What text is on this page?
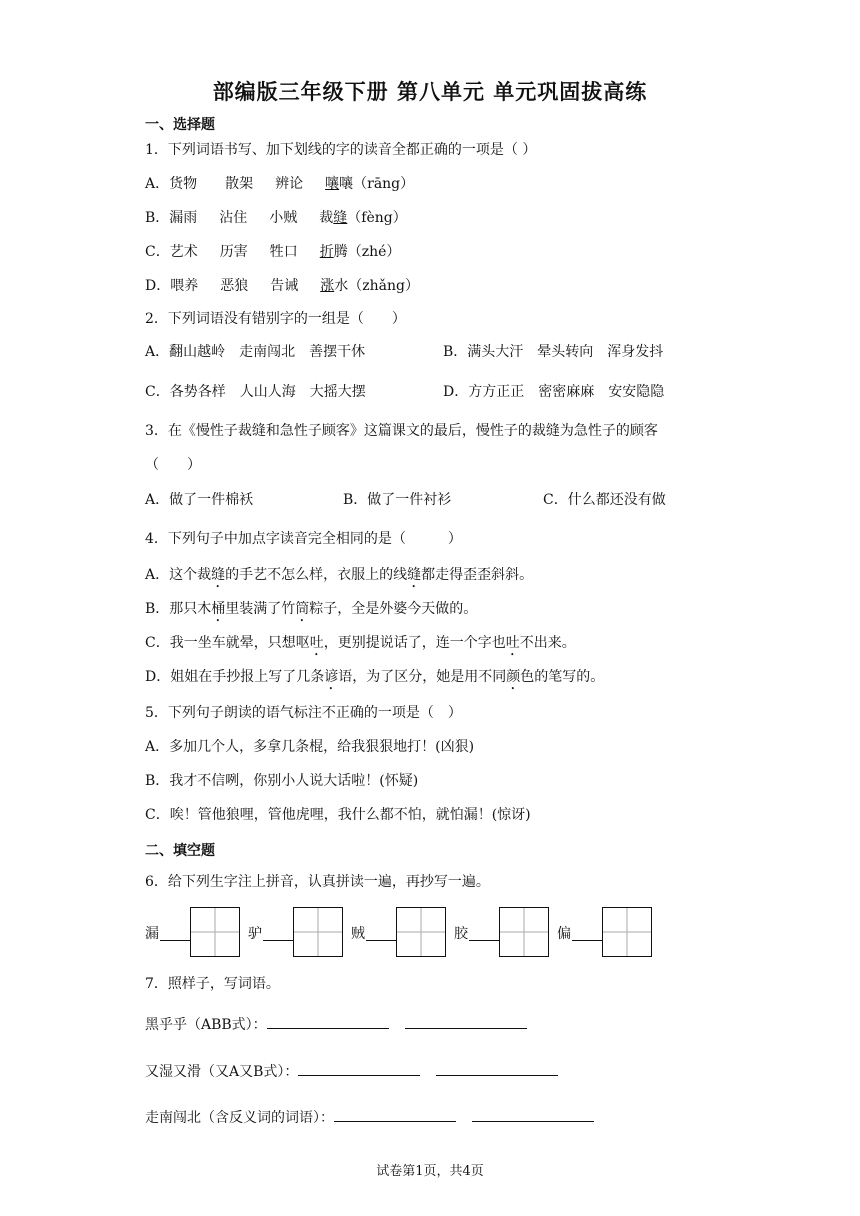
部编版三年级下册 第八单元 单元巩固拔高练
一、选择题
1．下列词语书写、加下划线的字的读音全都正确的一项是（ ）
A．货物 散架 辨论 嚷嚷（rāng）
B．漏雨 沾住 小贼 裁缝（fèng）
C．艺术 历害 牲口 折腾（zhé）
D．喂养 恶狼 告诫 涨水（zhǎng）
2．下列词语没有错别字的一组是（　　）
A．翻山越岭　走南闯北　善摆干休	B．满头大汗　晕头转向　浑身发抖
C．各势各样　人山人海　大摇大摆	D．方方正正　密密麻麻　安安隐隐
3．在《慢性子裁缝和急性子顾客》这篇课文的最后，慢性子的裁缝为急性子的顾客
（　　）
A．做了一件棉袄	B．做了一件衬衫	C．什么都还没有做
4．下列句子中加点字读音完全相同的是（　　　）
A．这个裁缝的手艺不怎么样，衣服上的线缝都走得歪歪斜斜。
B．那只木桶里装满了竹筒粽子，全是外婆今天做的。
C．我一坐车就晕，只想呕吐，更别提说话了，连一个字也吐不出来。
D．姐姐在手抄报上写了几条谚语，为了区分，她是用不同颜色的笔写的。
5．下列句子朗读的语气标注不正确的一项是（　）
A．多加几个人，多拿几条棍，给我狠狠地打！(凶狠)
B．我才不信咧，你别小人说大话啦！(怀疑)
C．唉！管他狼哩，管他虎哩，我什么都不怕，就怕漏！(惊讶)
二、填空题
6．给下列生字注上拼音，认真拼读一遍，再抄写一遍。
漏	驴	贼	胶	偏
7．照样子，写词语。
黑乎乎（ABB式）：
又湿又滑（又A又B式）：
走南闯北（含反义词的词语）：
试卷第1页，共4页
